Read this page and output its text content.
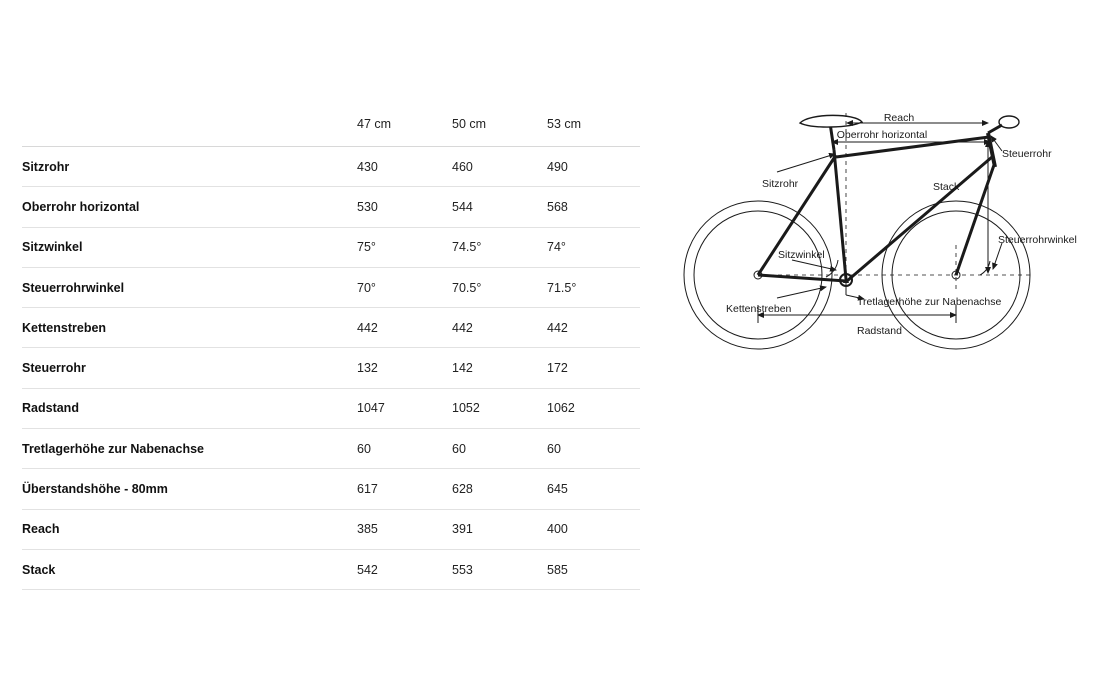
	47 cm	50 cm	53 cm
Sitzrohr	430	460	490
Oberrohr horizontal	530	544	568
Sitzwinkel	75°	74.5°	74°
Steuerrohrwinkel	70°	70.5°	71.5°
Kettenstreben	442	442	442
Steuerrohr	132	142	172
Radstand	1047	1052	1062
Tretlagerhöhe zur Nabenachse	60	60	60
Überstandshöhe - 80mm	617	628	645
Reach	385	391	400
Stack	542	553	585
Reach
Oberrohr horizontal
Steuerrohr
Stack
Sitzrohr
Sitzwinkel
Steuerrohrwinkel
Kettenstreben
Tretlagerhöhe zur Nabenachse
Radstand
